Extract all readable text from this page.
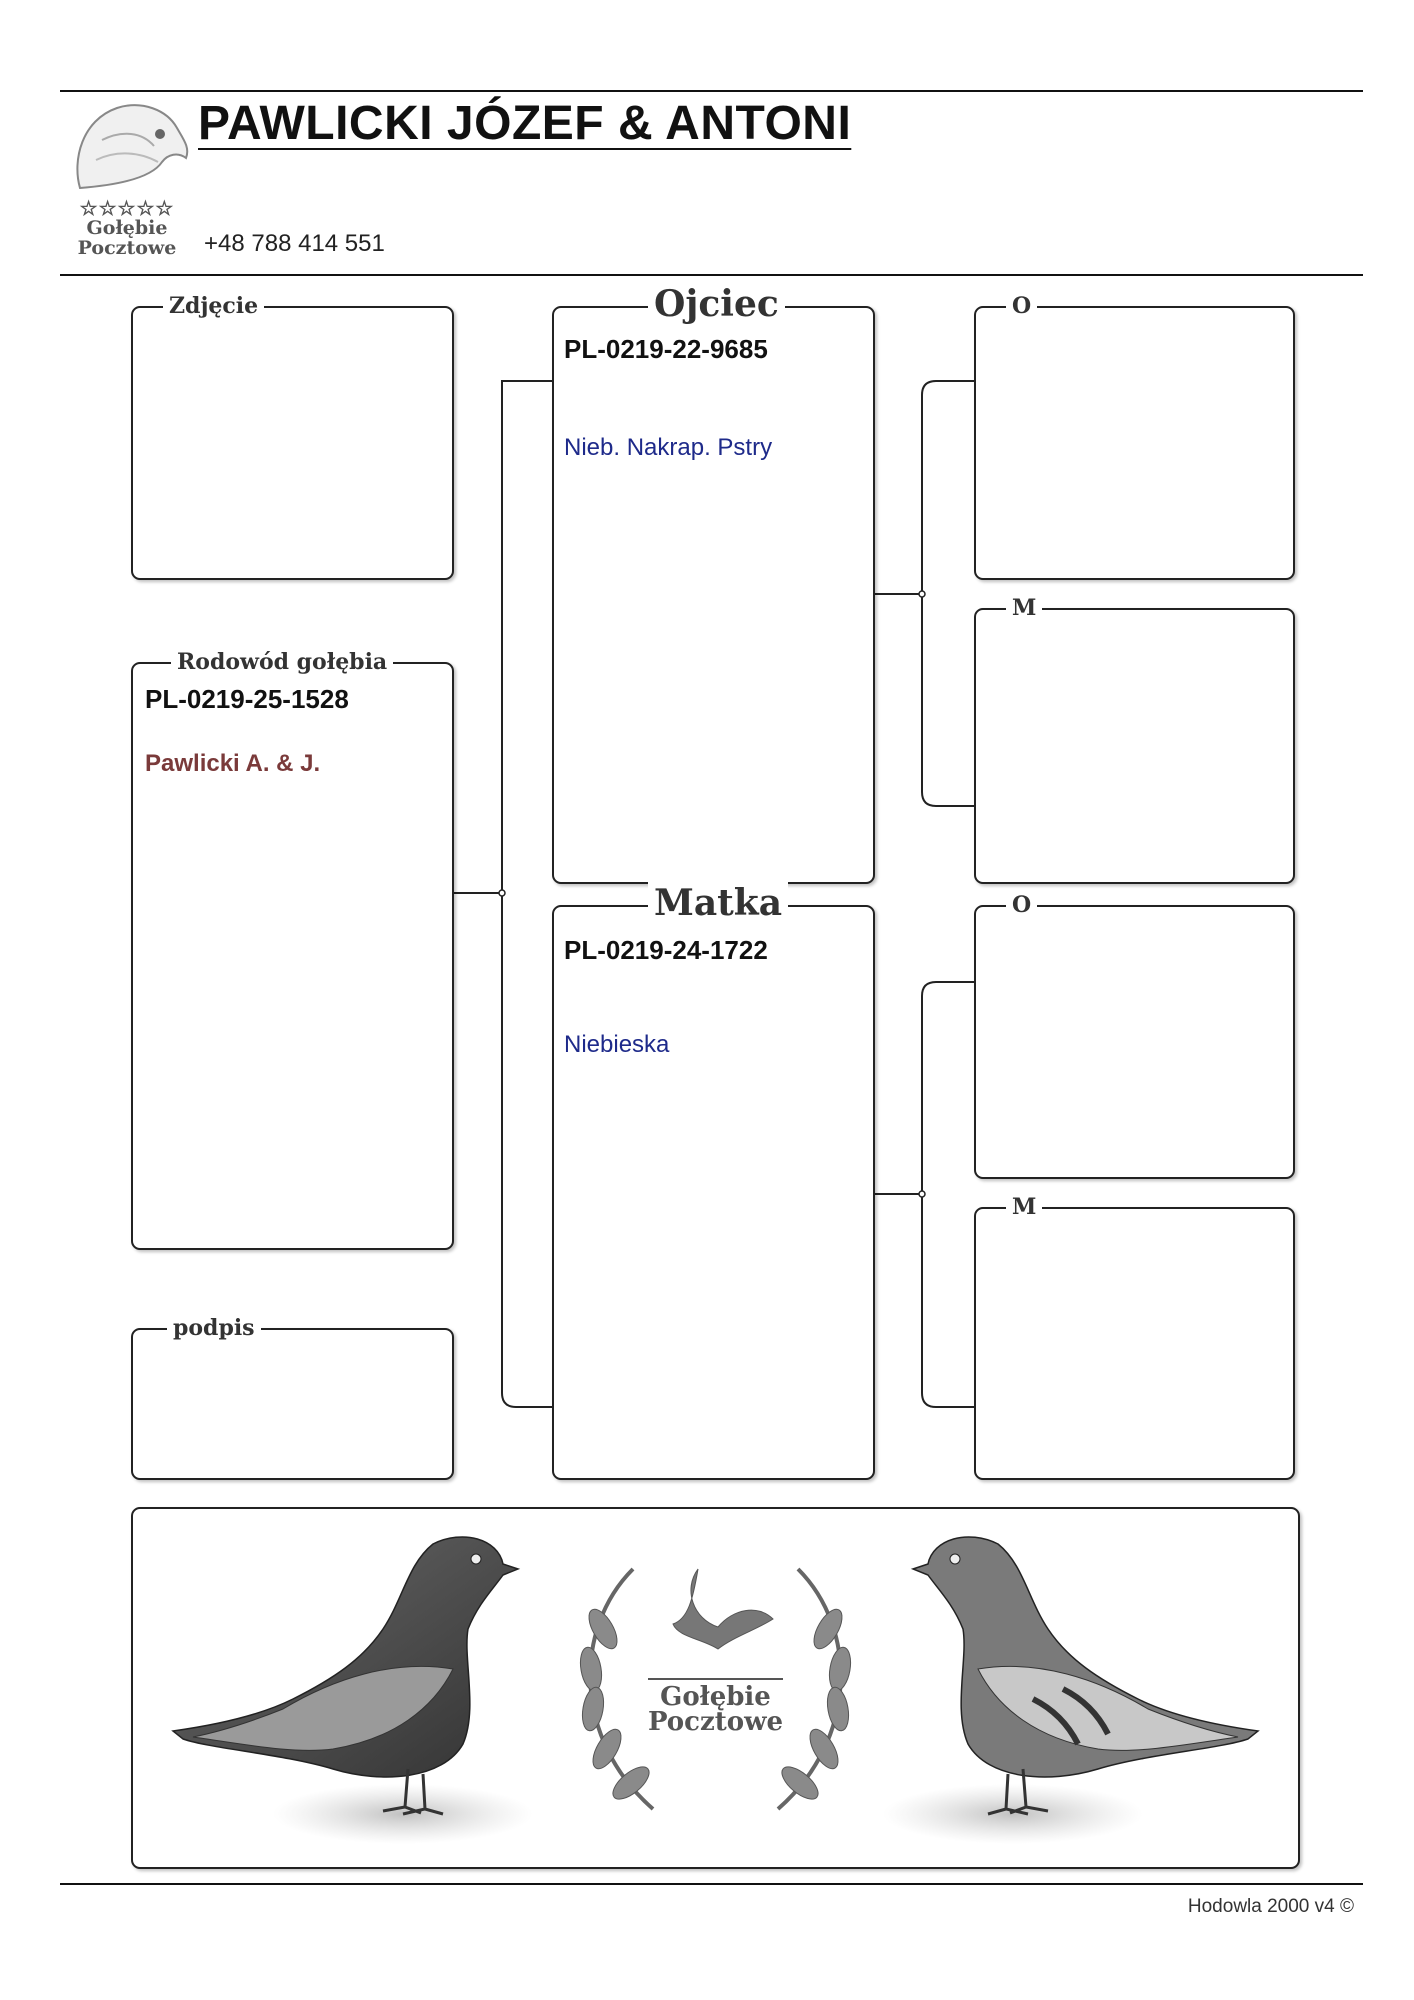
☆☆☆☆☆
Gołębie
Pocztowe
PAWLICKI JÓZEF & ANTONI
+48 788 414 551
Zdjęcie
Rodowód gołębia
PL-0219-25-1528
Pawlicki A. & J.
podpis
Ojciec
PL-0219-22-9685
Nieb. Nakrap. Pstry
Matka
PL-0219-24-1722
Niebieska
O
M
O
M
Gołębie
Pocztowe
Hodowla 2000 v4 ©
